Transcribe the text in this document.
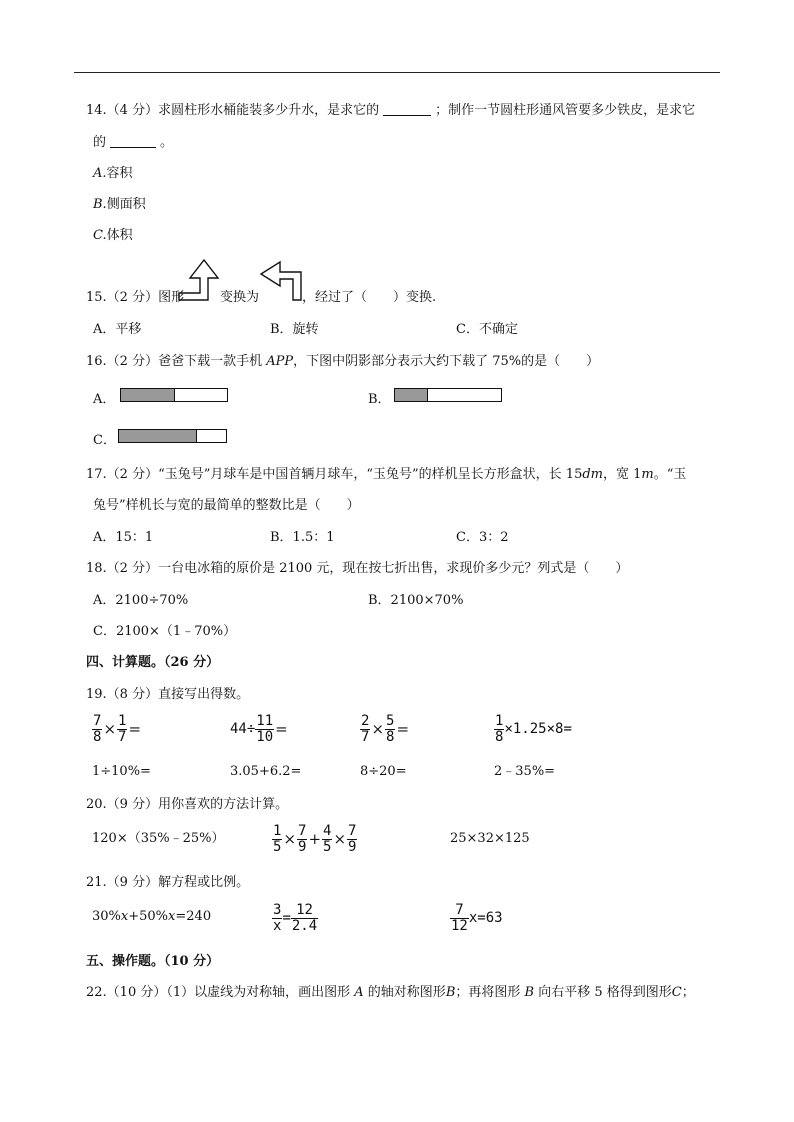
14.（4 分）求圆柱形水桶能装多少升水，是求它的	；制作一节圆柱形通风管要多少铁皮，是求它
的	。
A.容积
B.侧面积
C.体积
15.（2 分）图形	变换为	，经过了（　　）变换.
A．平移	B．旋转	C．不确定
16.（2 分）爸爸下载一款手机 APP，下图中阴影部分表示大约下载了 75%的是（　　）
A．	B．
C．
17.（2 分）“玉兔号”月球车是中国首辆月球车，“玉兔号”的样机呈长方形盒状，长 15dm，宽 1m。“玉
兔号”样机长与宽的最简单的整数比是（　　）
A．15：1	B．1.5：1	C．3：2
18.（2 分）一台电冰箱的原价是 2100 元，现在按七折出售，求现价多少元？列式是（　　）
A．2100÷70%	B．2100×70%
C．2100×（1﹣70%）
四、计算题。（26 分）
19.（8 分）直接写出得数。
$\frac{7}{8} \times \frac{1}{7}$ =	$44\div \frac{11}{10}$ =	$\frac{2}{7} \times \frac{5}{8}$ =	$\frac{1}{8} \times 1.25\times 8=$
1÷10%=	3.05+6.2=	8÷20=	2﹣35%=
20.（9 分）用你喜欢的方法计算。
120×（35%﹣25%）	$\frac{1}{5} \times \frac{7}{9} + \frac{4}{5} \times \frac{7}{9}$	25×32×125
21.（9 分）解方程或比例。
30%x+50%x=240	$\frac{3}{x} = \frac{12}{2.4}$	$\frac{7}{12} x=63$
五、操作题。（10 分）
22.（10 分）（1）以虚线为对称轴，画出图形 A 的轴对称图形B；再将图形 B 向右平移 5 格得到图形C；
